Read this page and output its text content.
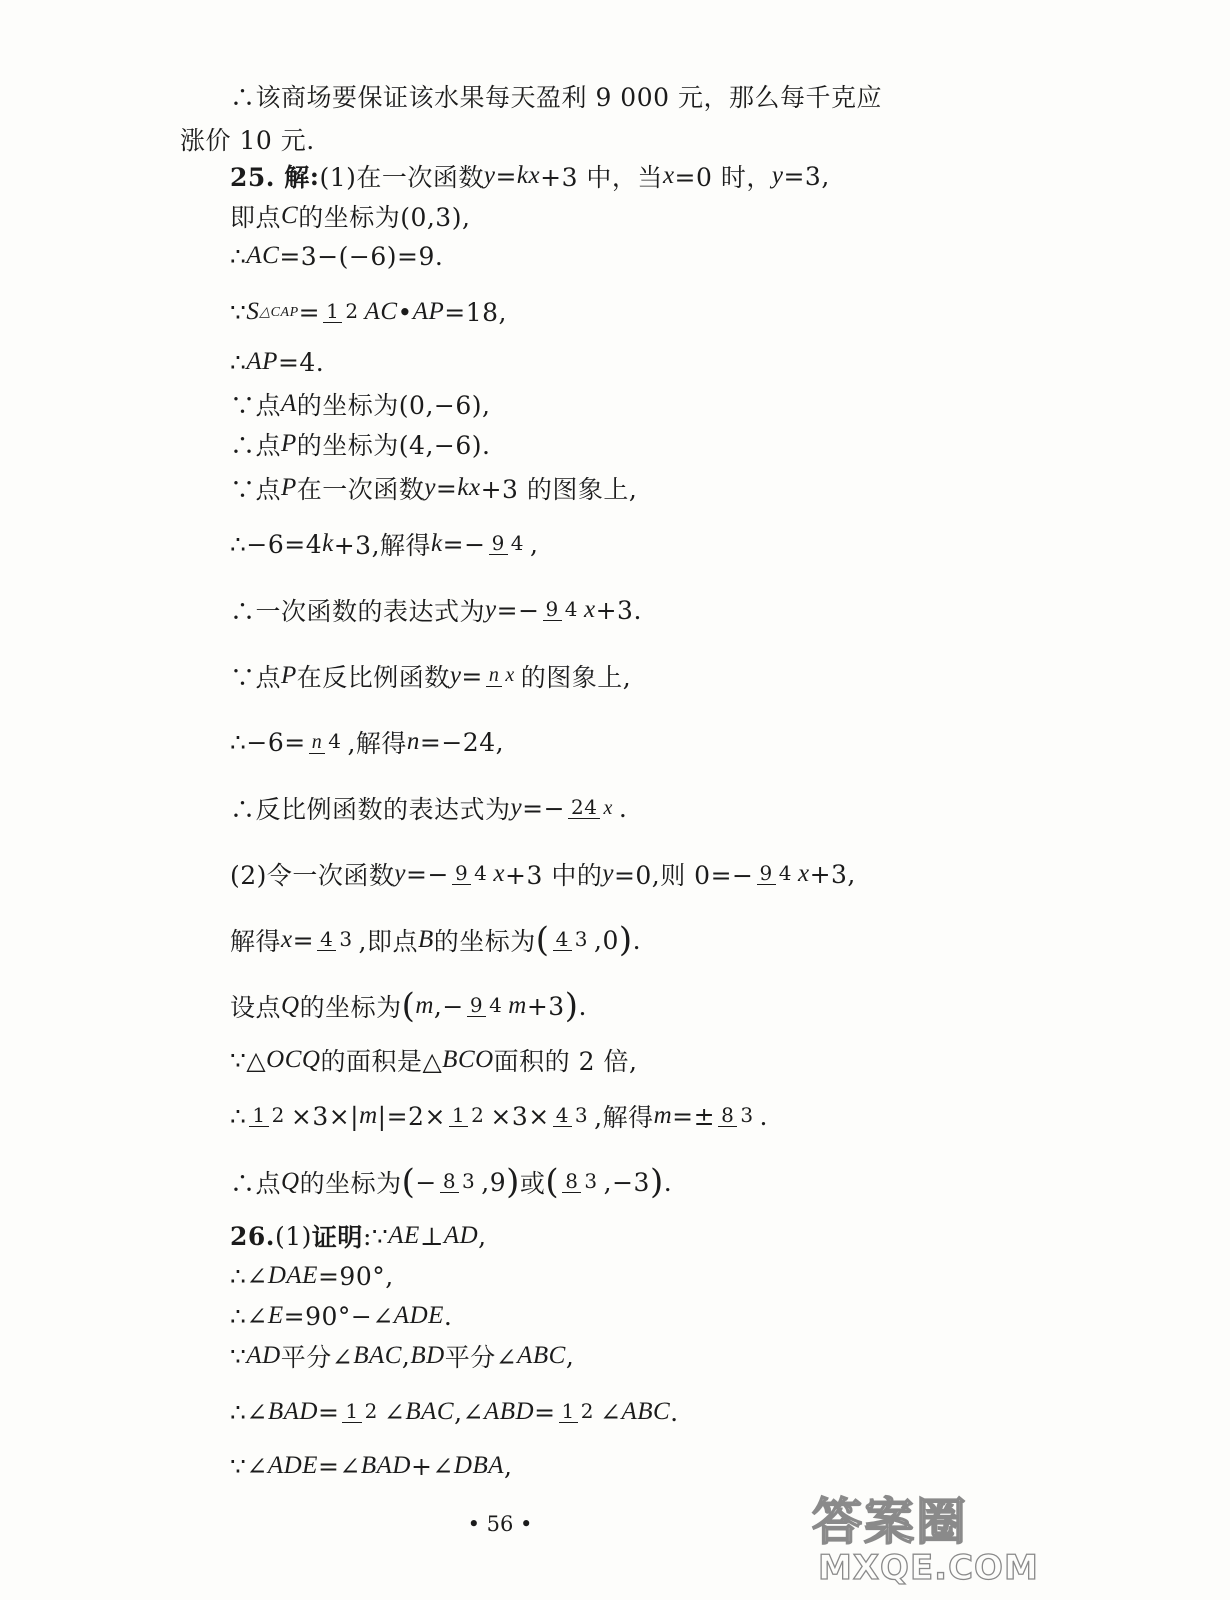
∴该商场要保证该水果每天盈利 9 000 元，那么每千克应
涨价 10 元.
25. 解 : (1)在一次函数 y = kx +3 中，当 x =0 时， y =3,
即点 C 的坐标为(0,3),
∴ AC =3−(−6)=9.
∵ S △CAP = 1 2 AC • AP =18,
∴ AP =4.
∵点 A 的坐标为(0,−6),
∴点 P 的坐标为(4,−6).
∵点 P 在一次函数 y = kx +3 的图象上,
∴−6=4 k +3,解得 k =− 9 4 ,
∴一次函数的表达式为 y =− 9 4 x +3.
∵点 P 在反比例函数 y = n x 的图象上,
∴−6= n 4 ,解得 n =−24,
∴反比例函数的表达式为 y =− 24 x .
(2)令一次函数 y =− 9 4 x +3 中的 y =0,则 0=− 9 4 x +3,
解得 x = 4 3 ,即点 B 的坐标为 ( 4 3 ,0 ) .
设点 Q 的坐标为 ( m ,− 9 4 m +3 ) .
∵△ OCQ 的面积是△ BCO 面积的 2 倍,
∴ 1 2 ×3×| m |=2× 1 2 ×3× 4 3 ,解得 m =± 8 3 .
∴点 Q 的坐标为 ( − 8 3 ,9 ) 或 ( 8 3 ,−3 ) .
26. (1) 证明 :∵ AE ⊥ AD ,
∴∠ DAE =90°,
∴∠ E =90°−∠ ADE .
∵ AD 平分∠ BAC , BD 平分∠ ABC ,
∴∠ BAD = 1 2 ∠ BAC ,∠ ABD = 1 2 ∠ ABC .
∵∠ ADE =∠ BAD +∠ DBA ,
• 56 •	答案圈
MXQE.COM
